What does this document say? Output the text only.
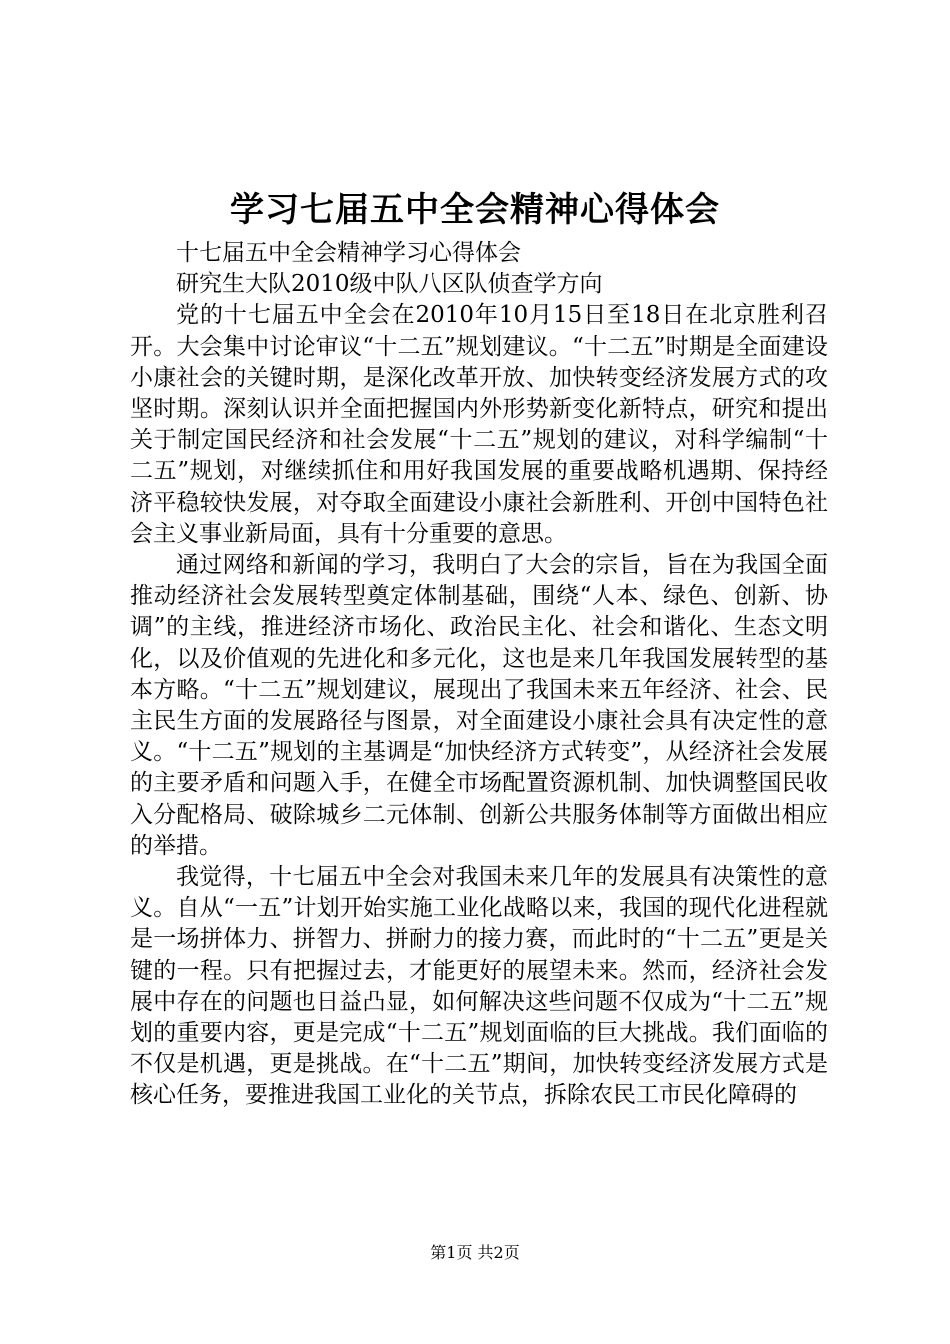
学习七届五中全会精神心得体会

十七届五中全会精神学习心得体会

研究生大队2010级中队八区队侦查学方向

党的十七届五中全会在2010年10月15日至18日在北京胜利召开。大会集中讨论审议“十二五”规划建议。“十二五”时期是全面建设小康社会的关键时期，是深化改革开放、加快转变经济发展方式的攻坚时期。深刻认识并全面把握国内外形势新变化新特点，研究和提出关于制定国民经济和社会发展“十二五”规划的建议，对科学编制“十二五”规划，对继续抓住和用好我国发展的重要战略机遇期、保持经济平稳较快发展，对夺取全面建设小康社会新胜利、开创中国特色社会主义事业新局面，具有十分重要的意思。

通过网络和新闻的学习，我明白了大会的宗旨，旨在为我国全面推动经济社会发展转型奠定体制基础，围绕“人本、绿色、创新、协调”的主线，推进经济市场化、政治民主化、社会和谐化、生态文明化，以及价值观的先进化和多元化，这也是来几年我国发展转型的基本方略。“十二五”规划建议，展现出了我国未来五年经济、社会、民主民生方面的发展路径与图景，对全面建设小康社会具有决定性的意义。“十二五”规划的主基调是“加快经济方式转变”，从经济社会发展的主要矛盾和问题入手，在健全市场配置资源机制、加快调整国民收入分配格局、破除城乡二元体制、创新公共服务体制等方面做出相应的举措。

我觉得，十七届五中全会对我国未来几年的发展具有决策性的意义。自从“一五”计划开始实施工业化战略以来，我国的现代化进程就是一场拼体力、拼智力、拼耐力的接力赛，而此时的“十二五”更是关键的一程。只有把握过去，才能更好的展望未来。然而，经济社会发展中存在的问题也日益凸显，如何解决这些问题不仅成为“十二五”规划的重要内容，更是完成“十二五”规划面临的巨大挑战。我们面临的不仅是机遇，更是挑战。在“十二五”期间，加快转变经济发展方式是核心任务，要推进我国工业化的关节点，拆除农民工市民化障碍的

第1页 共2页
